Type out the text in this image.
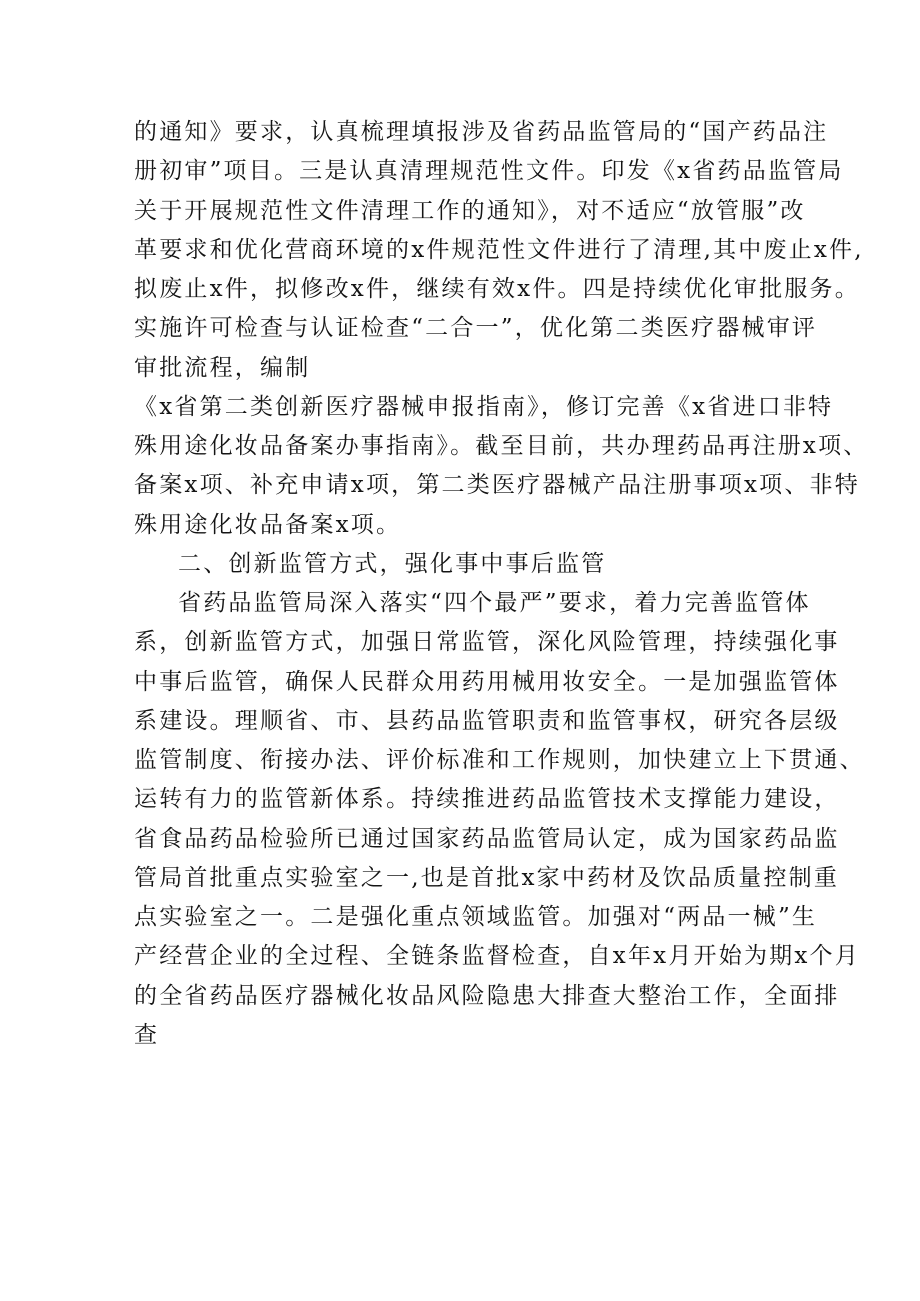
的通知》要求，认真梳理填报涉及省药品监管局的“国产药品注

册初审”项目。三是认真清理规范性文件。印发《x省药品监管局

关于开展规范性文件清理工作的通知》，对不适应“放管服”改

革要求和优化营商环境的x件规范性文件进行了清理,其中废止x件,

拟废止x件，拟修改x件，继续有效x件。四是持续优化审批服务。

实施许可检查与认证检查“二合一”，优化第二类医疗器械审评

审批流程，编制

《x省第二类创新医疗器械申报指南》，修订完善《x省进口非特

殊用途化妆品备案办事指南》。截至目前，共办理药品再注册x项、

备案x项、补充申请x项，第二类医疗器械产品注册事项x项、非特

殊用途化妆品备案x项。

二、创新监管方式，强化事中事后监管

省药品监管局深入落实“四个最严”要求，着力完善监管体

系，创新监管方式，加强日常监管，深化风险管理，持续强化事

中事后监管，确保人民群众用药用械用妆安全。一是加强监管体

系建设。理顺省、市、县药品监管职责和监管事权，研究各层级

监管制度、衔接办法、评价标准和工作规则，加快建立上下贯通、

运转有力的监管新体系。持续推进药品监管技术支撑能力建设，

省食品药品检验所已通过国家药品监管局认定，成为国家药品监

管局首批重点实验室之一,也是首批x家中药材及饮品质量控制重

点实验室之一。二是强化重点领域监管。加强对“两品一械”生

产经营企业的全过程、全链条监督检查，自x年x月开始为期x个月

的全省药品医疗器械化妆品风险隐患大排查大整治工作，全面排

查
